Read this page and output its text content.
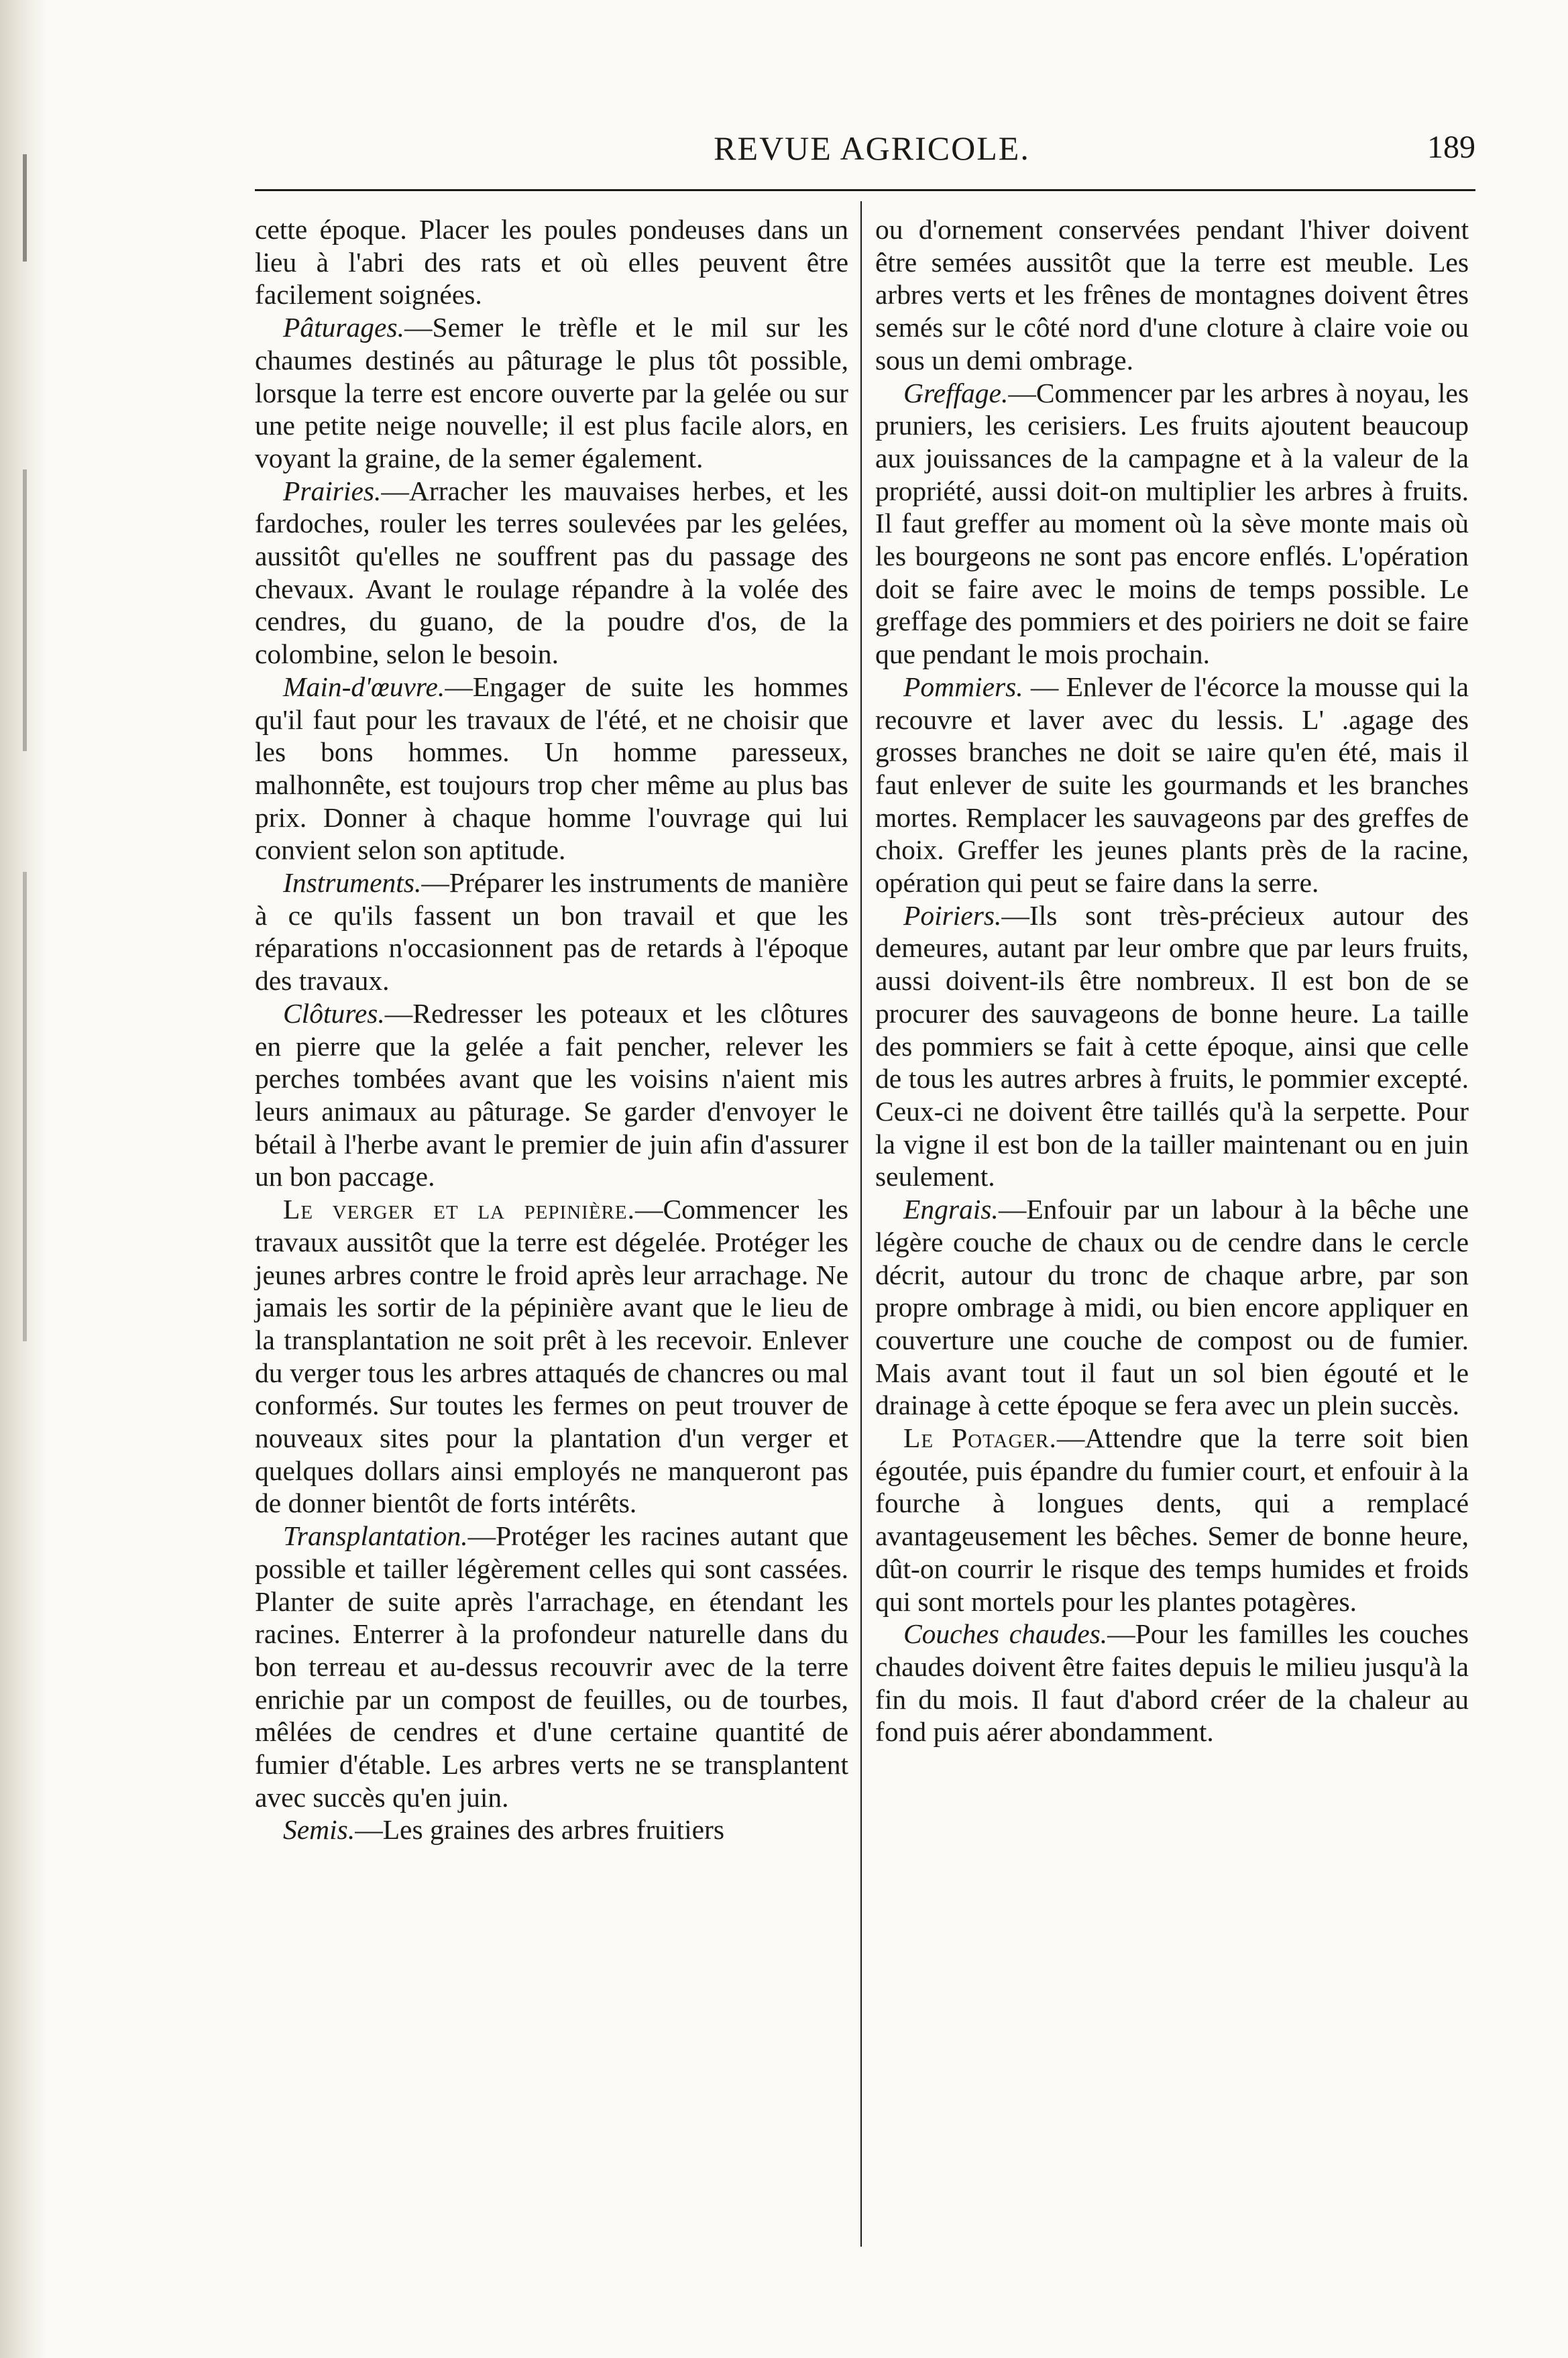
REVUE AGRICOLE.	189

cette époque. Placer les poules pondeuses dans un lieu à l'abri des rats et où elles peuvent être facilement soignées.

Pâturages.—Semer le trèfle et le mil sur les chaumes destinés au pâturage le plus tôt possible, lorsque la terre est encore ouverte par la gelée ou sur une petite neige nouvelle; il est plus facile alors, en voyant la graine, de la semer également.

Prairies.—Arracher les mauvaises herbes, et les fardoches, rouler les terres soulevées par les gelées, aussitôt qu'elles ne souffrent pas du passage des chevaux. Avant le roulage répandre à la volée des cendres, du guano, de la poudre d'os, de la colombine, selon le besoin.

Main-d'œuvre.—Engager de suite les hommes qu'il faut pour les travaux de l'été, et ne choisir que les bons hommes. Un homme paresseux, malhonnête, est toujours trop cher même au plus bas prix. Donner à chaque homme l'ouvrage qui lui convient selon son aptitude.

Instruments.—Préparer les instruments de manière à ce qu'ils fassent un bon travail et que les réparations n'occasionnent pas de retards à l'époque des travaux.

Clôtures.—Redresser les poteaux et les clôtures en pierre que la gelée a fait pencher, relever les perches tombées avant que les voisins n'aient mis leurs animaux au pâturage. Se garder d'envoyer le bétail à l'herbe avant le premier de juin afin d'assurer un bon paccage.

Le verger et la pepinière.—Commencer les travaux aussitôt que la terre est dégelée. Protéger les jeunes arbres contre le froid après leur arrachage. Ne jamais les sortir de la pépinière avant que le lieu de la transplantation ne soit prêt à les recevoir. Enlever du verger tous les arbres attaqués de chancres ou mal conformés. Sur toutes les fermes on peut trouver de nouveaux sites pour la plantation d'un verger et quelques dollars ainsi employés ne manqueront pas de donner bientôt de forts intérêts.

Transplantation.—Protéger les racines autant que possible et tailler légèrement celles qui sont cassées. Planter de suite après l'arrachage, en étendant les racines. Enterrer à la profondeur naturelle dans du bon terreau et au-dessus recouvrir avec de la terre enrichie par un compost de feuilles, ou de tourbes, mêlées de cendres et d'une certaine quantité de fumier d'étable. Les arbres verts ne se transplantent avec succès qu'en juin.

Semis.—Les graines des arbres fruitiers

ou d'ornement conservées pendant l'hiver doivent être semées aussitôt que la terre est meuble. Les arbres verts et les frênes de montagnes doivent êtres semés sur le côté nord d'une cloture à claire voie ou sous un demi ombrage.

Greffage.—Commencer par les arbres à noyau, les pruniers, les cerisiers. Les fruits ajoutent beaucoup aux jouissances de la campagne et à la valeur de la propriété, aussi doit-on multiplier les arbres à fruits. Il faut greffer au moment où la sève monte mais où les bourgeons ne sont pas encore enflés. L'opération doit se faire avec le moins de temps possible. Le greffage des pommiers et des poiriers ne doit se faire que pendant le mois prochain.

Pommiers. — Enlever de l'écorce la mousse qui la recouvre et laver avec du lessis. L' .agage des grosses branches ne doit se ıaire qu'en été, mais il faut enlever de suite les gourmands et les branches mortes. Remplacer les sauvageons par des greffes de choix. Greffer les jeunes plants près de la racine, opération qui peut se faire dans la serre.

Poiriers.—Ils sont très-précieux autour des demeures, autant par leur ombre que par leurs fruits, aussi doivent-ils être nombreux. Il est bon de se procurer des sauvageons de bonne heure. La taille des pommiers se fait à cette époque, ainsi que celle de tous les autres arbres à fruits, le pommier excepté. Ceux-ci ne doivent être taillés qu'à la serpette. Pour la vigne il est bon de la tailler maintenant ou en juin seulement.

Engrais.—Enfouir par un labour à la bêche une légère couche de chaux ou de cendre dans le cercle décrit, autour du tronc de chaque arbre, par son propre ombrage à midi, ou bien encore appliquer en couverture une couche de compost ou de fumier. Mais avant tout il faut un sol bien égouté et le drainage à cette époque se fera avec un plein succès.

Le Potager.—Attendre que la terre soit bien égoutée, puis épandre du fumier court, et enfouir à la fourche à longues dents, qui a remplacé avantageusement les bêches. Semer de bonne heure, dût-on courrir le risque des temps humides et froids qui sont mortels pour les plantes potagères.

Couches chaudes.—Pour les familles les couches chaudes doivent être faites depuis le milieu jusqu'à la fin du mois. Il faut d'abord créer de la chaleur au fond puis aérer abondamment.
